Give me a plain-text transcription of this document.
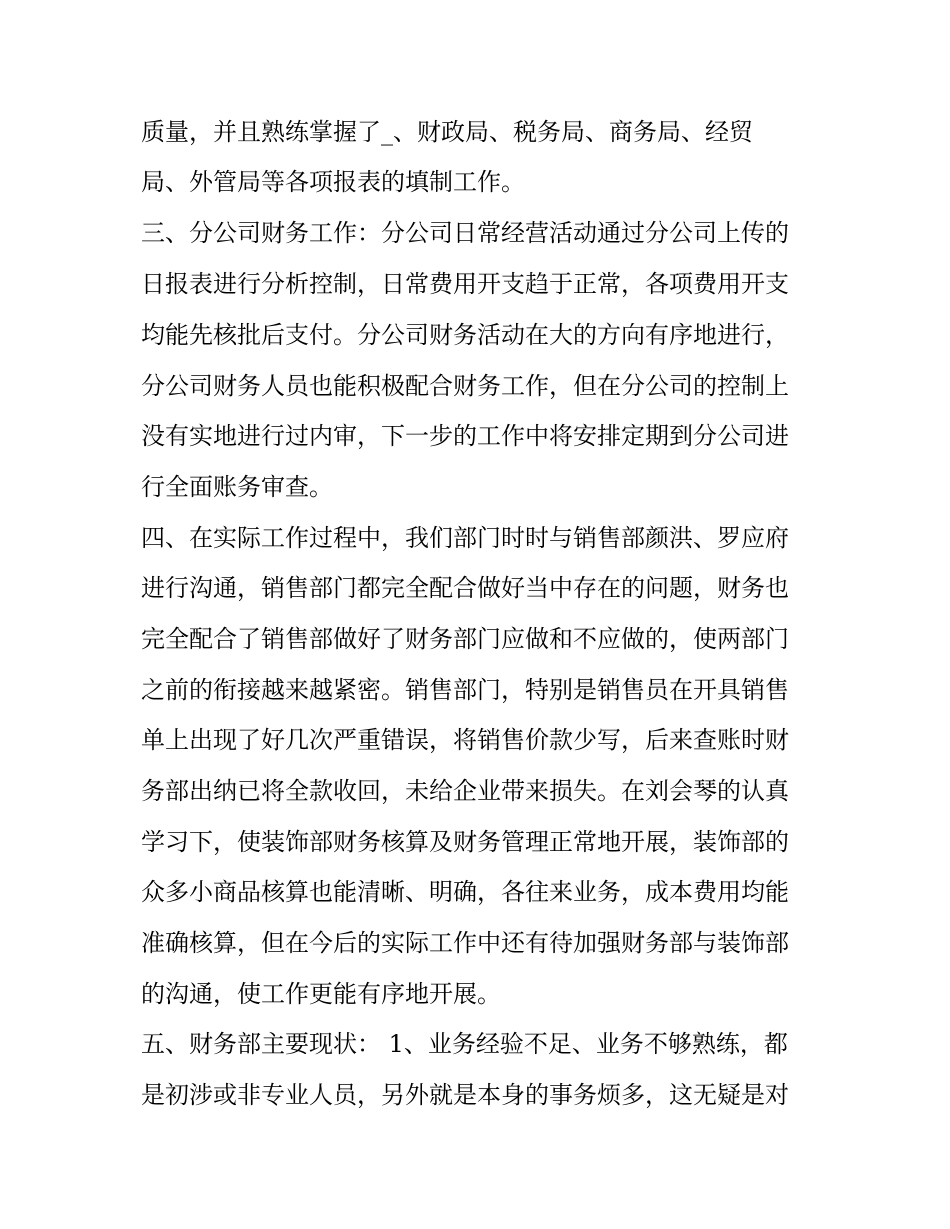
质量，并且熟练掌握了_、财政局、税务局、商务局、经贸
局、外管局等各项报表的填制工作。
三、分公司财务工作：分公司日常经营活动通过分公司上传的
日报表进行分析控制，日常费用开支趋于正常，各项费用开支
均能先核批后支付。分公司财务活动在大的方向有序地进行，
分公司财务人员也能积极配合财务工作，但在分公司的控制上
没有实地进行过内审，下一步的工作中将安排定期到分公司进
行全面账务审查。
四、在实际工作过程中，我们部门时时与销售部颜洪、罗应府
进行沟通，销售部门都完全配合做好当中存在的问题，财务也
完全配合了销售部做好了财务部门应做和不应做的，使两部门
之前的衔接越来越紧密。销售部门，特别是销售员在开具销售
单上出现了好几次严重错误，将销售价款少写，后来查账时财
务部出纳已将全款收回，未给企业带来损失。在刘会琴的认真
学习下，使装饰部财务核算及财务管理正常地开展，装饰部的
众多小商品核算也能清晰、明确，各往来业务，成本费用均能
准确核算，但在今后的实际工作中还有待加强财务部与装饰部
的沟通，使工作更能有序地开展。
五、财务部主要现状： 1、业务经验不足、业务不够熟练，都
是初涉或非专业人员，另外就是本身的事务烦多，这无疑是对
